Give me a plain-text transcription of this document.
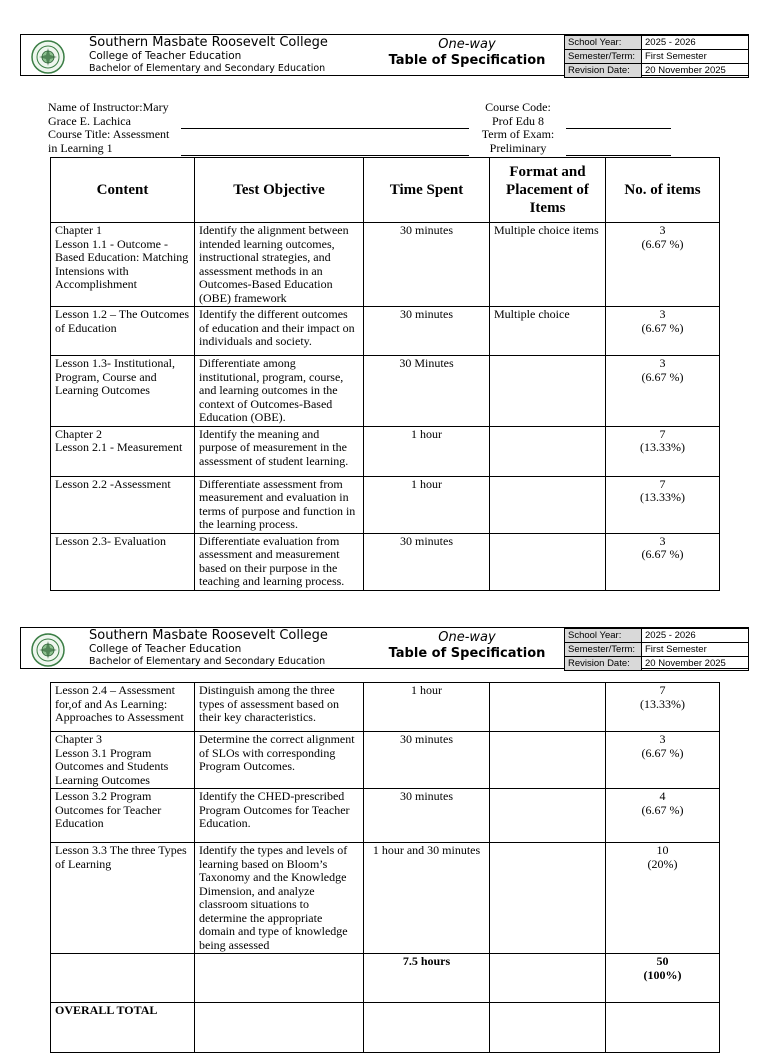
Southern Masbate Roosevelt College
College of Teacher Education
Bachelor of Elementary and Secondary Education
One-way
Table of Specification
School Year:	2025 - 2026
Semester/Term:	First Semester
Revision Date:	20 November 2025
Name of Instructor:Mary
Grace E. Lachica
Course Title: Assessment
in Learning 1
Course Code:
Prof Edu 8
Term of Exam:
Preliminary
Content	Test Objective	Time Spent	Format and Placement of Items	No. of items
Chapter 1
Lesson 1.1 - Outcome - Based Education: Matching Intensions with Accomplishment	Identify the alignment between intended learning outcomes, instructional strategies, and assessment methods in an Outcomes-Based Education (OBE) framework	30 minutes	Multiple choice items	3
(6.67 %)
Lesson 1.2 – The Outcomes of Education	Identify the different outcomes of education and their impact on individuals and society.	30 minutes	Multiple choice	3
(6.67 %)
Lesson 1.3- Institutional, Program, Course and Learning Outcomes	Differentiate among institutional, program, course, and learning outcomes in the context of Outcomes-Based Education (OBE).	30 Minutes		3
(6.67 %)
Chapter 2
Lesson 2.1 - Measurement	Identify the meaning and purpose of measurement in the assessment of student learning.	1 hour		7
(13.33%)
Lesson 2.2 -Assessment	Differentiate assessment from measurement and evaluation in terms of purpose and function in the learning process.	1 hour		7
(13.33%)
Lesson 2.3- Evaluation	Differentiate evaluation from assessment and measurement based on their purpose in the teaching and learning process.	30 minutes		3
(6.67 %)
Southern Masbate Roosevelt College
College of Teacher Education
Bachelor of Elementary and Secondary Education
One-way
Table of Specification
School Year:	2025 - 2026
Semester/Term:	First Semester
Revision Date:	20 November 2025
Lesson 2.4 – Assessment for,of and As Learning: Approaches to Assessment	Distinguish among the three types of assessment based on their key characteristics.	1 hour		7
(13.33%)
Chapter 3
Lesson 3.1 Program Outcomes and Students Learning Outcomes	Determine the correct alignment of SLOs with corresponding Program Outcomes.	30 minutes		3
(6.67 %)
Lesson 3.2 Program Outcomes for Teacher Education	Identify the CHED-prescribed Program Outcomes for Teacher Education.	30 minutes		4
(6.67 %)
Lesson 3.3 The three Types of Learning	Identify the types and levels of learning based on Bloom’s Taxonomy and the Knowledge Dimension, and analyze classroom situations to determine the appropriate domain and type of knowledge being assessed	1 hour and 30 minutes		10
(20%)
		7.5 hours		50
(100%)
OVERALL TOTAL				
